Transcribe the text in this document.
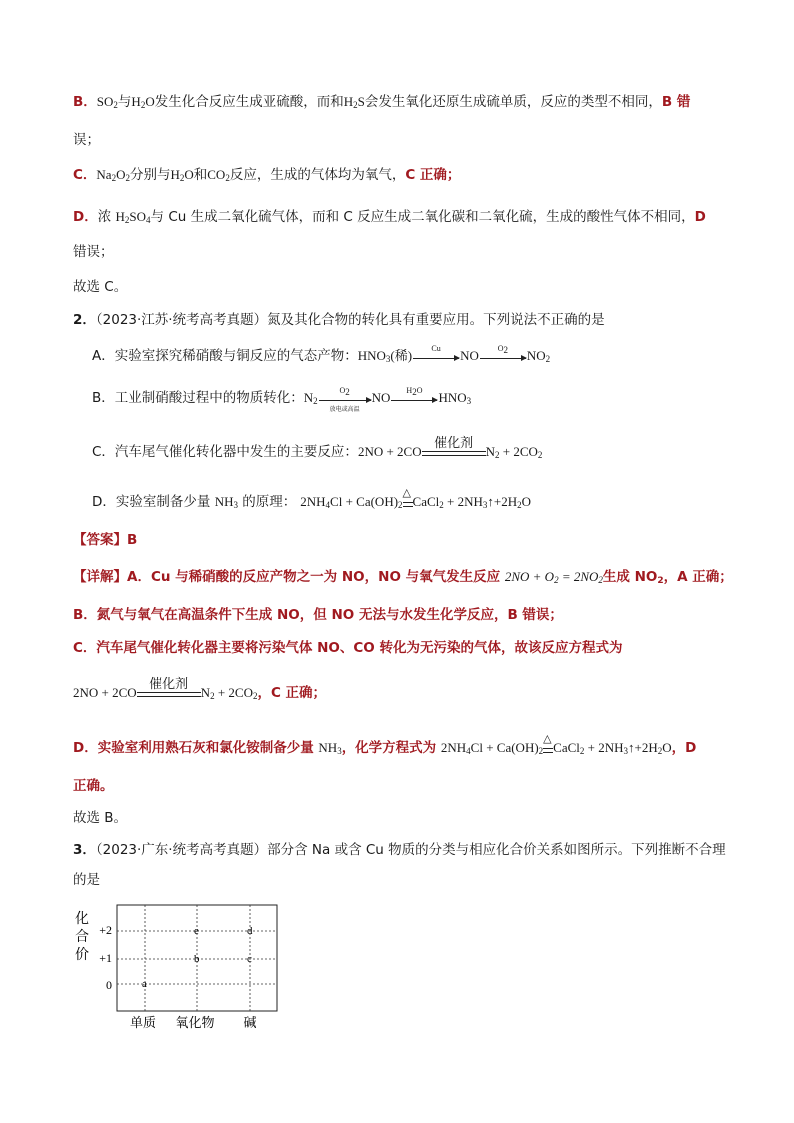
B．$SO_2$与$H_2O$发生化合反应生成亚硫酸，而和$H_2S$会发生氧化还原生成硫单质，反应的类型不相同，B 错
误；
C．$Na_2O_2$分别与$H_2O$和$CO_2$反应，生成的气体均为氧气，C 正确；
D．浓 $H_2SO_4$与 Cu 生成二氧化硫气体，而和 C 反应生成二氧化碳和二氧化硫，生成的酸性气体不相同，D
错误；
故选 C。
2．（2023·江苏·统考高考真题）氮及其化合物的转化具有重要应用。下列说法不正确的是
A．实验室探究稀硝酸与铜反应的气态产物：$HNO_3$(稀)	Cu	NO	$O_2$	$NO_2$
B．工业制硝酸过程中的物质转化：$N_2$
$O_2$
放电或高温
NO	$H_2O$	$HNO_3$
C．汽车尾气催化转化器中发生的主要反应：2NO + 2CO
催化剂
$N_2 + 2CO_2$
D．实验室制备少量 $NH_3$ 的原理： $2NH_4Cl + Ca(OH)_2$
△
CaCl$_2$ + $2NH_3↑+2H_2O$
【答案】B
【详解】A．Cu 与稀硝酸的反应产物之一为 NO，NO 与氧气发生反应 $2NO + O_2 = 2NO_2$生成 $NO_2$，A 正确；
B．氮气与氧气在高温条件下生成 NO，但 NO 无法与水发生化学反应，B 错误；
C．汽车尾气催化转化器主要将污染气体 NO、CO 转化为无污染的气体，故该反应方程式为
2NO + 2CO
催化剂
$N_2 + 2CO_2$，C 正确；
D．实验室利用熟石灰和氯化铵制备少量 $NH_3$，化学方程式为 $2NH_4Cl + Ca(OH)_2$
△
CaCl$_2$ + $2NH_3↑+2H_2O$，D
正确。
故选 B。
3．（2023·广东·统考高考真题）部分含 Na 或含 Cu 物质的分类与相应化合价关系如图所示。下列推断不合理
的是
化
合
价
+2
+1
0
单质 氧化物 碱
a
b
e
c
d
